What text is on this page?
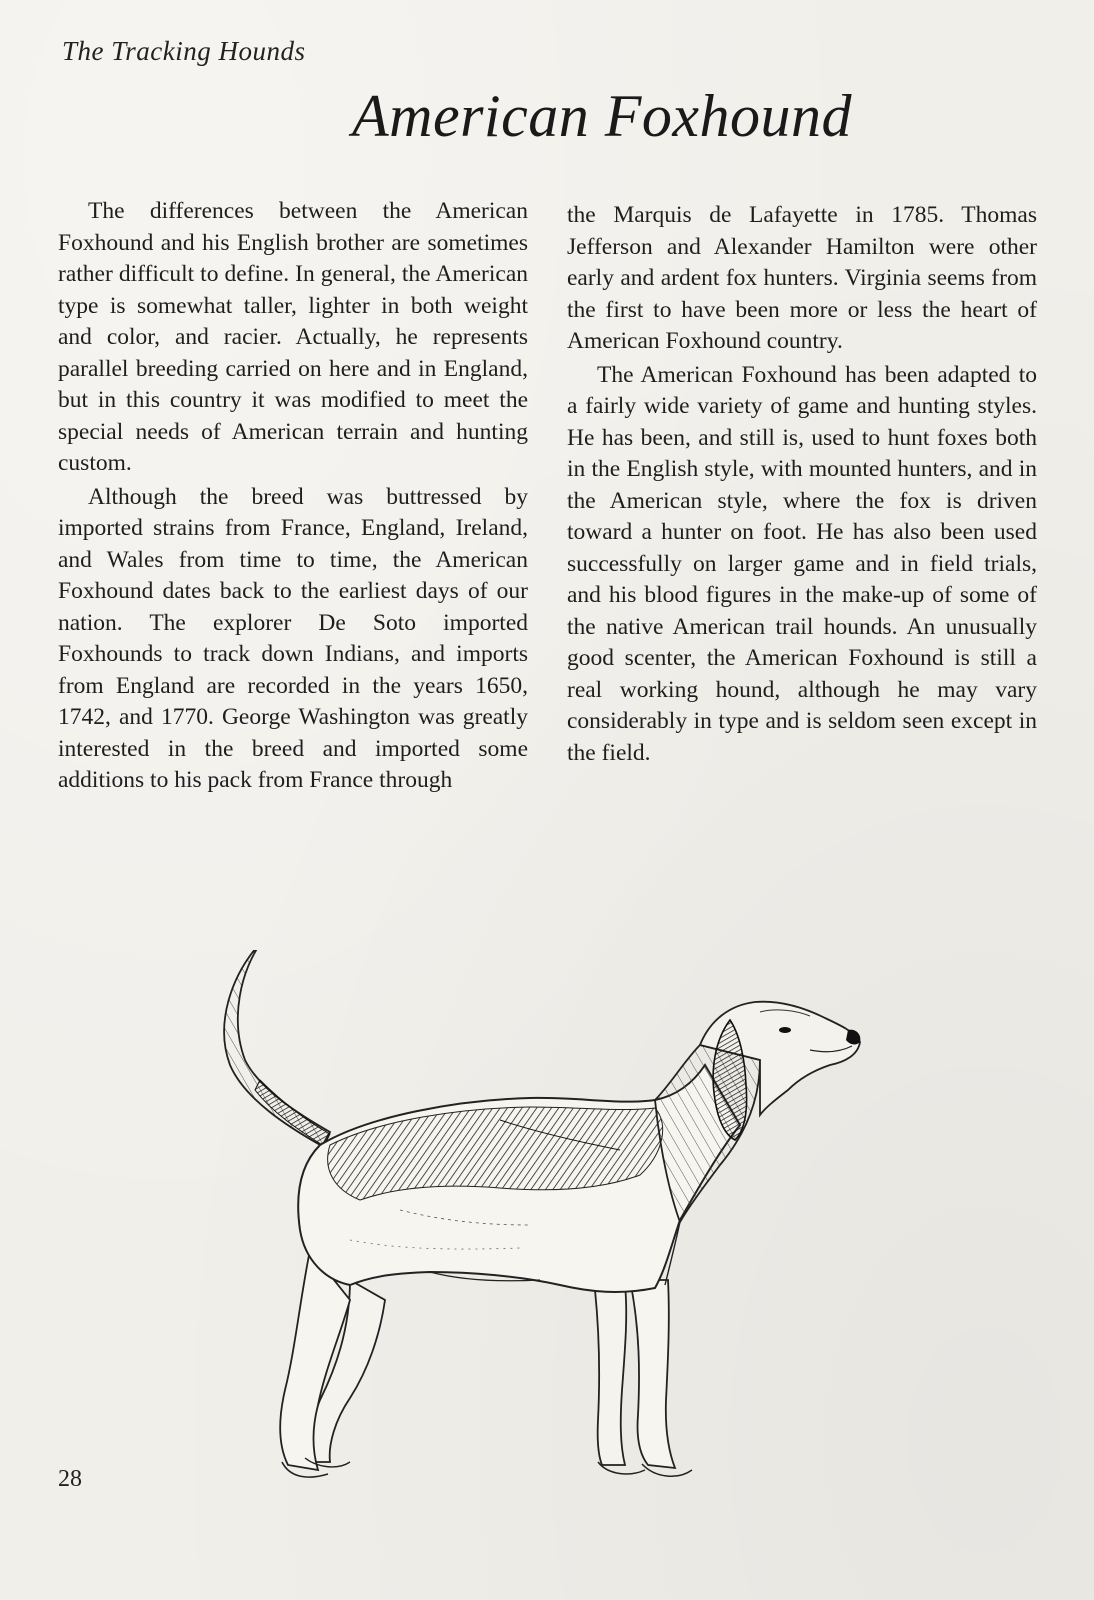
The Tracking Hounds
American Foxhound

The differences between the American Foxhound and his English brother are sometimes rather difficult to define. In general, the American type is somewhat taller, lighter in both weight and color, and racier. Actually, he represents parallel breeding carried on here and in England, but in this country it was modified to meet the special needs of American terrain and hunting custom.

Although the breed was buttressed by imported strains from France, England, Ireland, and Wales from time to time, the American Foxhound dates back to the earliest days of our nation. The explorer De Soto imported Foxhounds to track down Indians, and imports from England are recorded in the years 1650, 1742, and 1770. George Washington was greatly interested in the breed and imported some additions to his pack from France through

the Marquis de Lafayette in 1785. Thomas Jefferson and Alexander Hamilton were other early and ardent fox hunters. Virginia seems from the first to have been more or less the heart of American Foxhound country.

The American Foxhound has been adapted to a fairly wide variety of game and hunting styles. He has been, and still is, used to hunt foxes both in the English style, with mounted hunters, and in the American style, where the fox is driven toward a hunter on foot. He has also been used successfully on larger game and in field trials, and his blood figures in the make-up of some of the native American trail hounds. An unusually good scenter, the American Foxhound is still a real working hound, although he may vary considerably in type and is seldom seen except in the field.

28
